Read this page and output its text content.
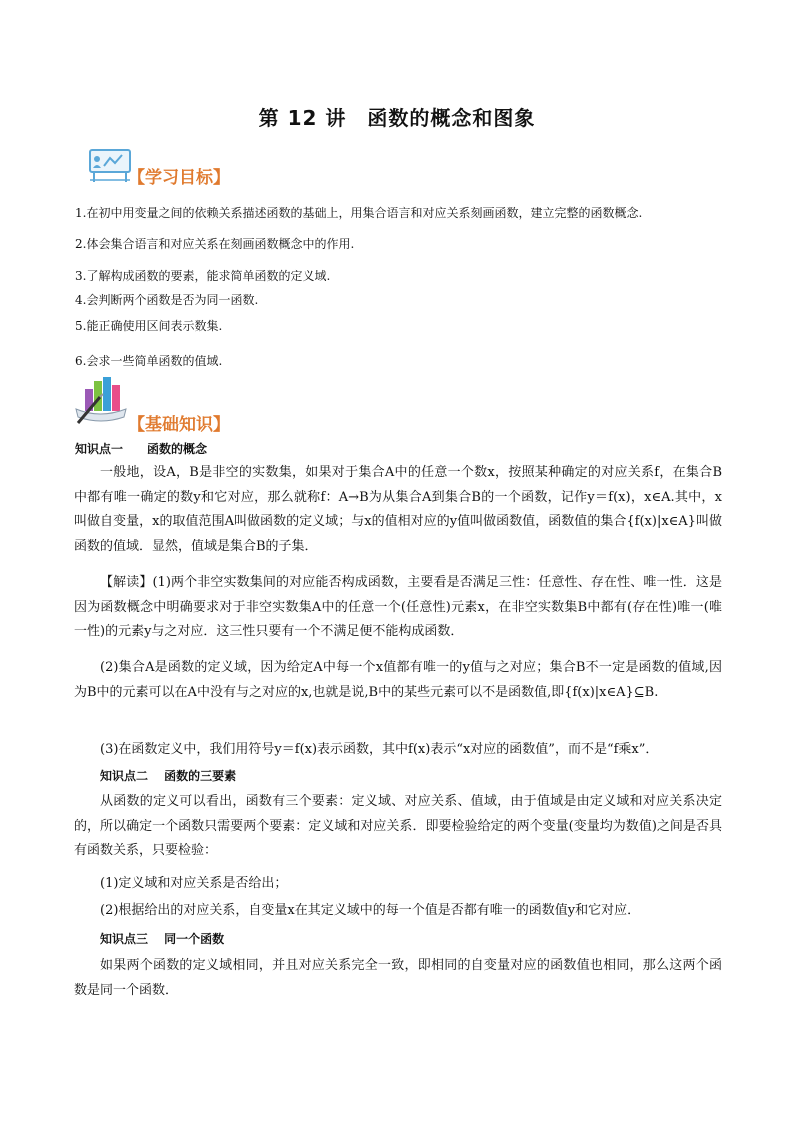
第 12 讲　函数的概念和图象
【学习目标】
1.在初中用变量之间的依赖关系描述函数的基础上，用集合语言和对应关系刻画函数，建立完整的函数概念.
2.体会集合语言和对应关系在刻画函数概念中的作用.
3.了解构成函数的要素，能求简单函数的定义域.
4.会判断两个函数是否为同一函数.
5.能正确使用区间表示数集.
6.会求一些简单函数的值域.
【基础知识】
知识点一　　函数的概念
一般地，设A，B是非空的实数集，如果对于集合A中的任意一个数x，按照某种确定的对应关系f，在集合B中都有唯一确定的数y和它对应，那么就称f：A→B为从集合A到集合B的一个函数，记作y＝f(x)，x∈A.其中，x叫做自变量，x的取值范围A叫做函数的定义域；与x的值相对应的y值叫做函数值，函数值的集合{f(x)|x∈A}叫做函数的值域．显然，值域是集合B的子集．
【解读】(1)两个非空实数集间的对应能否构成函数，主要看是否满足三性：任意性、存在性、唯一性．这是因为函数概念中明确要求对于非空实数集A中的任意一个(任意性)元素x，在非空实数集B中都有(存在性)唯一(唯一性)的元素y与之对应．这三性只要有一个不满足便不能构成函数．
(2)集合A是函数的定义域，因为给定A中每一个x值都有唯一的y值与之对应；集合B不一定是函数的值域,因为B中的元素可以在A中没有与之对应的x,也就是说,B中的某些元素可以不是函数值,即{f(x)|x∈A}⊆B.
(3)在函数定义中，我们用符号y＝f(x)表示函数，其中f(x)表示“x对应的函数值”，而不是“f乘x”．
知识点二　 函数的三要素
从函数的定义可以看出，函数有三个要素：定义域、对应关系、值域，由于值域是由定义域和对应关系决定的，所以确定一个函数只需要两个要素：定义域和对应关系．即要检验给定的两个变量(变量均为数值)之间是否具有函数关系，只要检验：
(1)定义域和对应关系是否给出；
(2)根据给出的对应关系，自变量x在其定义域中的每一个值是否都有唯一的函数值y和它对应．
知识点三　 同一个函数
如果两个函数的定义域相同，并且对应关系完全一致，即相同的自变量对应的函数值也相同，那么这两个函数是同一个函数．
